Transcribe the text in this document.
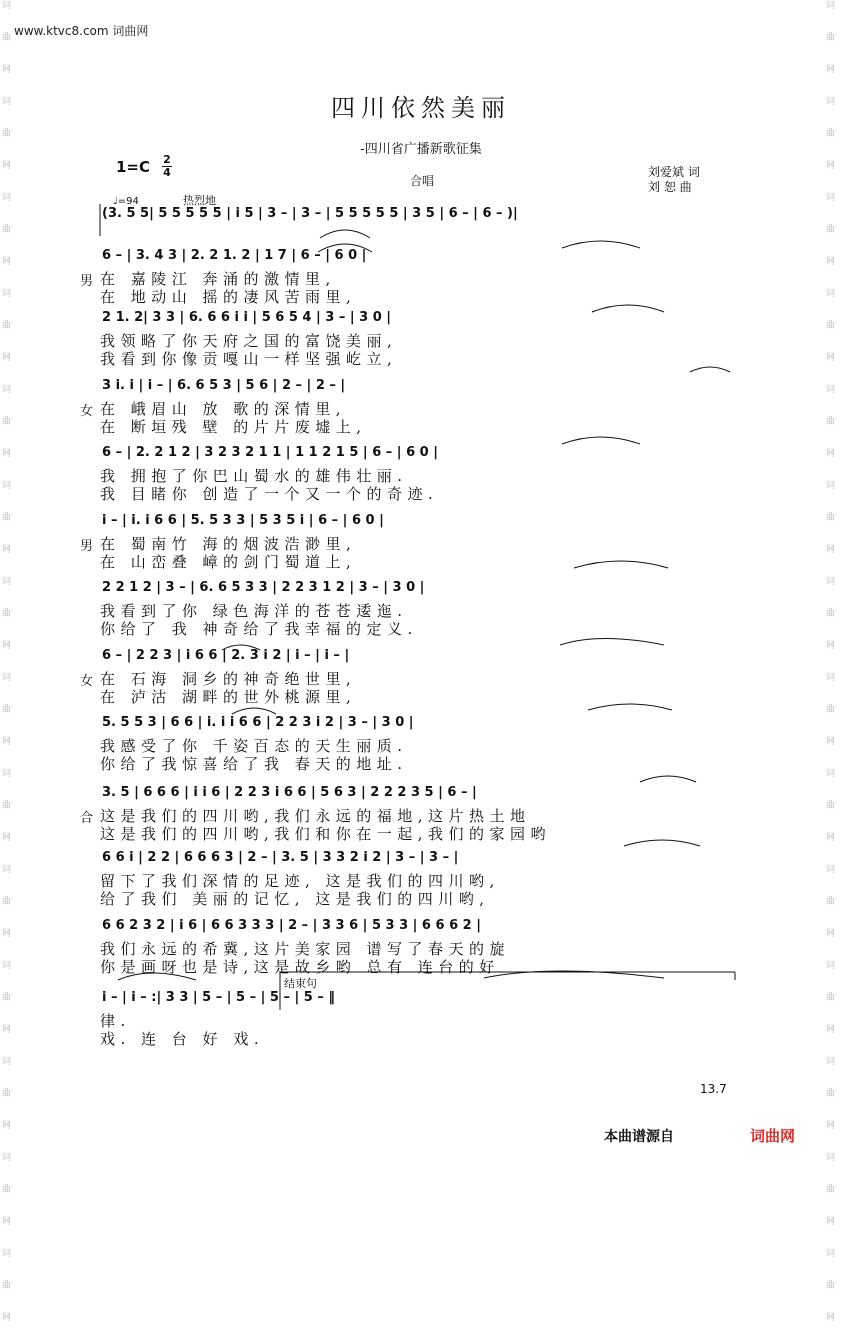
词
曲
网
词
曲
网
词
曲
网
词
曲
网
词
曲
网
词
曲
网
词
曲
网
词
曲
网
词
曲
网
词
曲
网
词
曲
网
词
曲
网
词
曲
网
词
曲
网
词
曲
网
词
曲
网
词
曲
网
词
曲
网
词
曲
网
词
曲
网
词
曲
网
词
曲
网
词
曲
网
词
曲
网
词
曲
网
词
曲
网
词
曲
网
词
曲
网
www.ktvc8.com 词曲网
四川依然美丽
-四川省广播新歌征集
1=C 2
4
合唱
刘爱斌 词
刘 恕 曲
♩=94	热烈地
(3. 5 5| 5 5 5 5 5 | i 5 | 3 – | 3 – | 5 5 5 5 5 | 3 5 | 6 – | 6 – )|
6 – | 3. 4 3 | 2. 2 1. 2 | 1 7 | 6 – | 6 0 |
男 在 嘉陵江 奔涌的激情里,
在 地动山 摇的凄风苦雨里,
2 1. 2| 3 3 | 6. 6 6 i i | 5 6 5 4 | 3 – | 3 0 |
我领略了你天府之国的富饶美丽,
我看到你像贡嘎山一样坚强屹立,
3 i. i | i – | 6. 6 5 3 | 5 6 | 2 – | 2 – |
女 在 峨眉山 放 歌的深情里,
在 断垣残 壁 的片片废墟上,
6 – | 2. 2 1 2 | 3 2 3 2 1 1 | 1 1 2 1 5 | 6 – | 6 0 |
我 拥抱了你巴山蜀水的雄伟壮丽.
我 目睹你 创造了一个又一个的奇迹.
i – | i. i 6 6 | 5. 5 3 3 | 5 3 5 i | 6 – | 6 0 |
男 在 蜀南竹 海的烟波浩渺里,
在 山峦叠 嶂的剑门蜀道上,
2 2 1 2 | 3 – | 6. 6 5 3 3 | 2 2 3 1 2 | 3 – | 3 0 |
我看到了你 绿色海洋的苍苍逶迤.
你给了 我 神奇给了我幸福的定义.
6 – | 2 2 3 | i 6 6 | 2. 3 i 2 | i – | i – |
女 在 石海 洞乡的神奇绝世里,
在 泸沽 湖畔的世外桃源里,
5. 5 5 3 | 6 6 | i. i i 6 6 | 2 2 3 i 2 | 3 – | 3 0 |
我感受了你 千姿百态的天生丽质.
你给了我惊喜给了我 春天的地址.
3. 5 | 6 6 6 | i i 6 | 2 2 3 i 6 6 | 5 6 3 | 2 2 2 3 5 | 6 – |
合 这是我们的四川哟,我们永远的福地,这片热土地
这是我们的四川哟,我们和你在一起,我们的家园哟
6 6 i | 2 2 | 6 6 6 3 | 2 – | 3. 5 | 3 3 2 i 2 | 3 – | 3 – |
留下了我们深情的足迹, 这是我们的四川哟,
给了我们 美丽的记忆, 这是我们的四川哟,
6 6 2 3 2 | i 6 | 6 6 3 3 3 | 2 – | 3 3 6 | 5 3 3 | 6 6 6 2 |
我们永远的希冀,这片美家园 谱写了春天的旋
你是画呀也是诗,这是故乡哟 总有 连台的好
i – | i – :| 3 3 | 5 – | 5 – | 5 – | 5 – ‖
律.
戏. 连 台 好 戏.
结束句
13.7
本曲谱源自	词曲网
